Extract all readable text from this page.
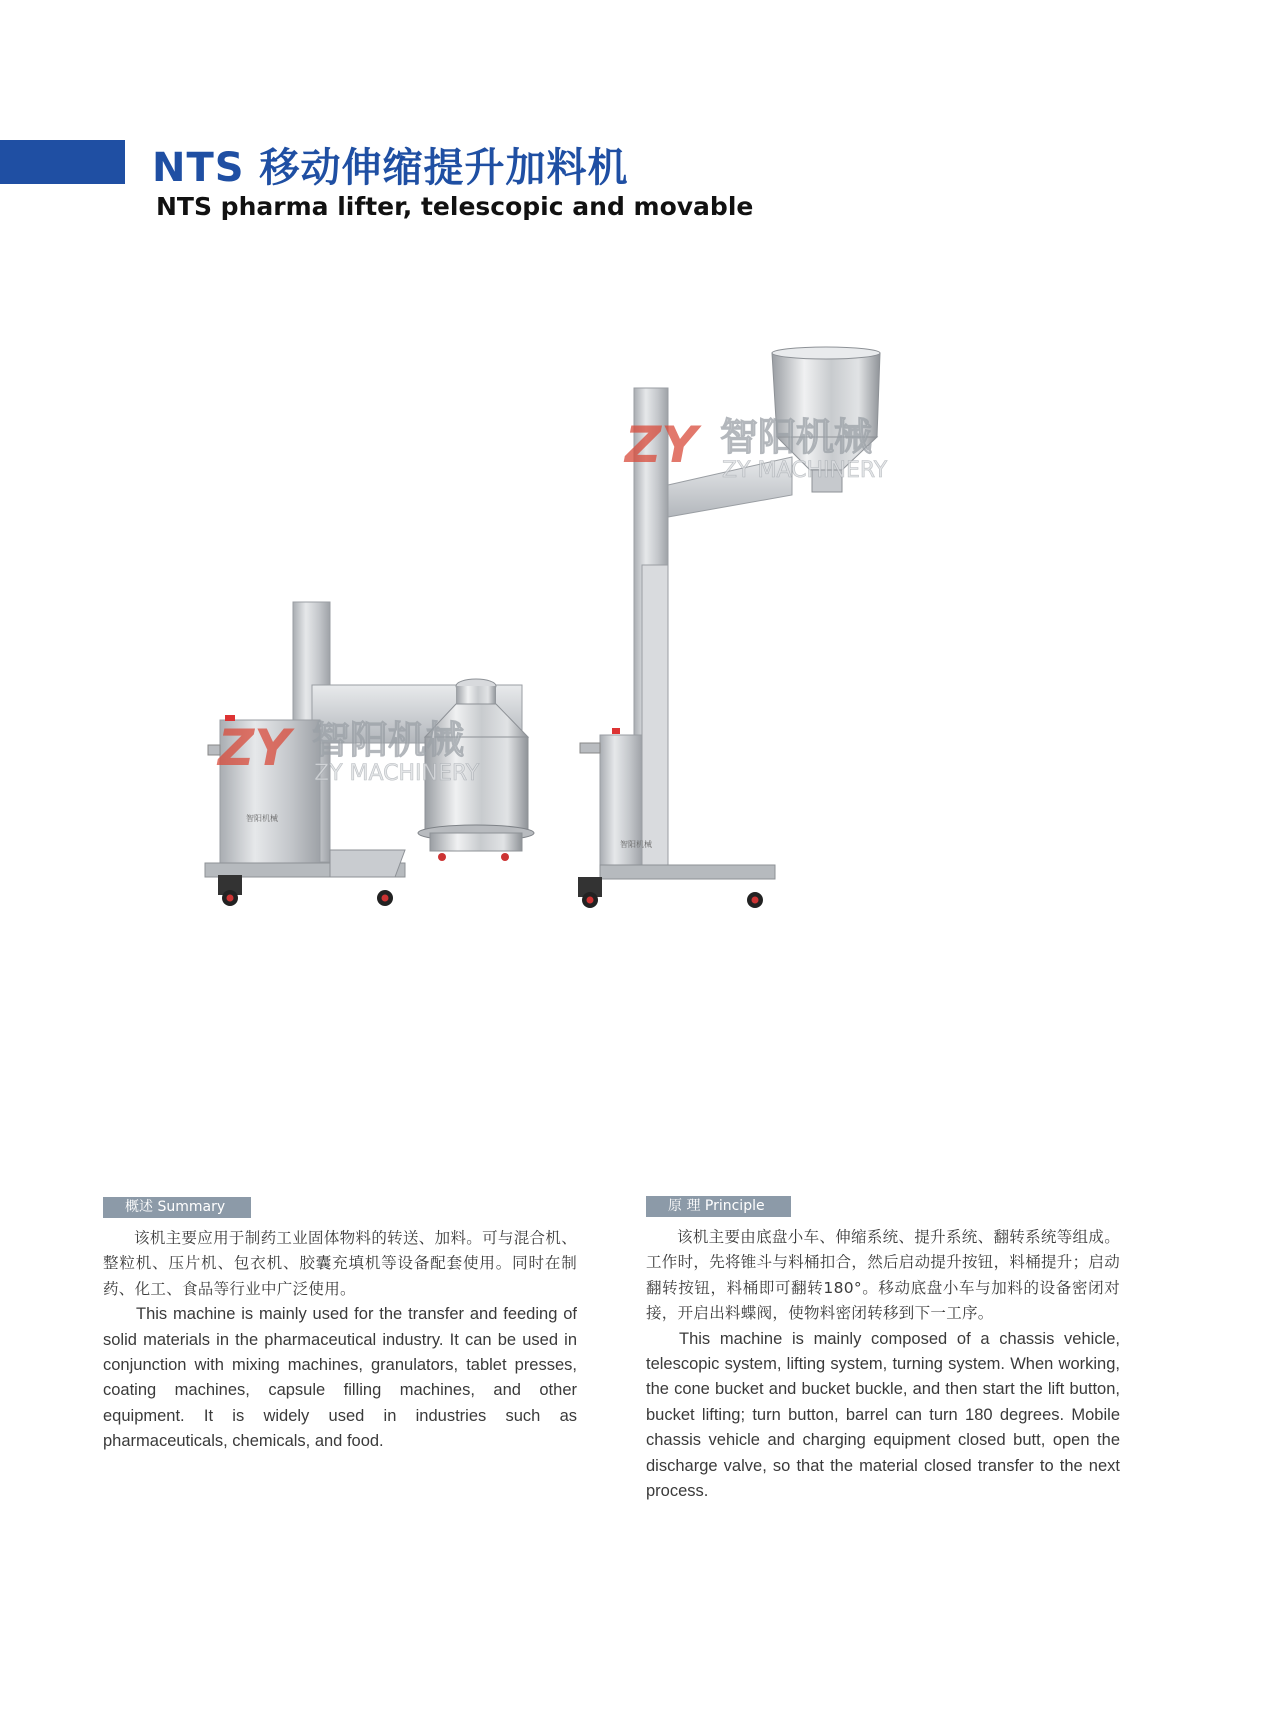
NTS 移动伸缩提升加料机
NTS pharma lifter, telescopic and movable
智阳机械
ZY 智阳机械
ZY MACHINERY
智阳机械
ZY 智阳机械
ZY MACHINERY
概述 Summary

该机主要应用于制药工业固体物料的转送、加料。可与混合机、整粒机、压片机、包衣机、胶囊充填机等设备配套使用。同时在制药、化工、食品等行业中广泛使用。

This machine is mainly used for the transfer and feeding of solid materials in the pharmaceutical industry. It can be used in conjunction with mixing machines, granulators, tablet presses, coating machines, capsule filling machines, and other equipment. It is widely used in industries such as pharmaceuticals, chemicals, and food.

原 理 Principle

该机主要由底盘小车、伸缩系统、提升系统、翻转系统等组成。工作时，先将锥斗与料桶扣合，然后启动提升按钮，料桶提升；启动翻转按钮，料桶即可翻转180°。移动底盘小车与加料的设备密闭对接，开启出料蝶阀，使物料密闭转移到下一工序。

This machine is mainly composed of a chassis vehicle, telescopic system, lifting system, turning system. When working, the cone bucket and bucket buckle, and then start the lift button, bucket lifting; turn button, barrel can turn 180 degrees. Mobile chassis vehicle and charging equipment closed butt, open the discharge valve, so that the material closed transfer to the next process.
